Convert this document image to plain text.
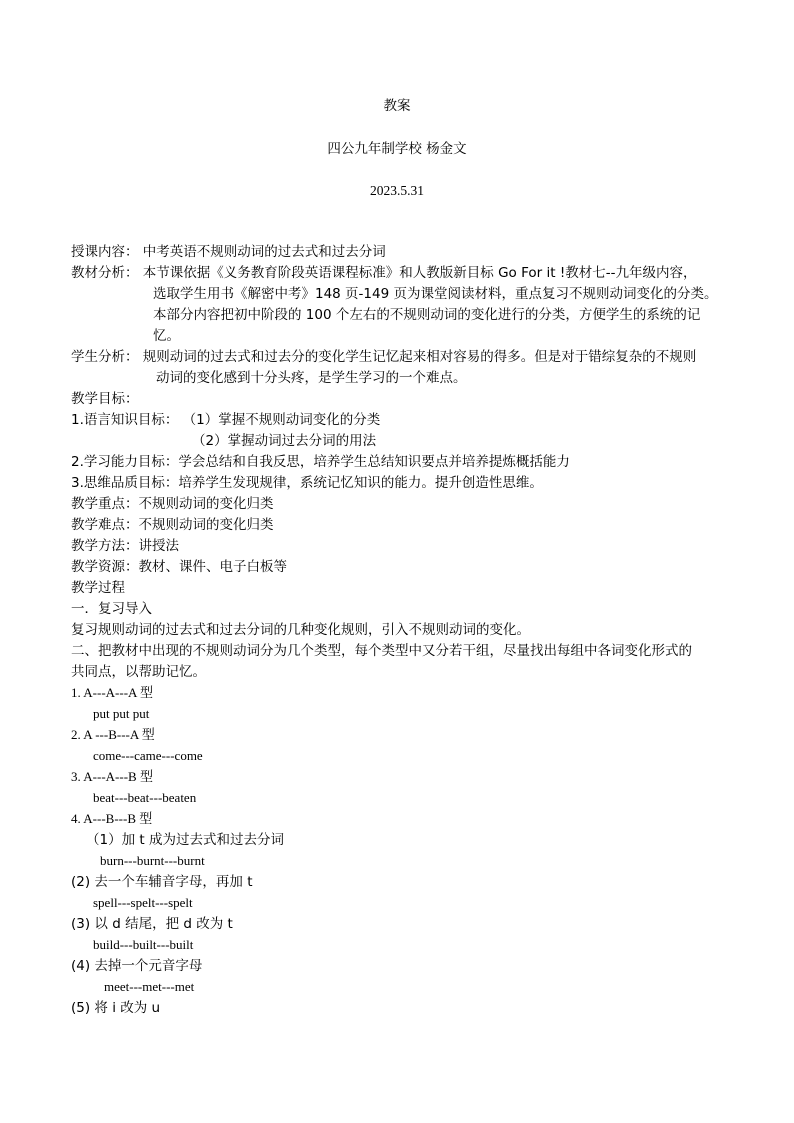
教案
四公九年制学校 杨金文
2023.5.31
授课内容： 中考英语不规则动词的过去式和过去分词
教材分析： 本节课依据《义务教育阶段英语课程标准》和人教版新目标 Go For it !教材七--九年级内容，
选取学生用书《解密中考》148 页-149 页为课堂阅读材料，重点复习不规则动词变化的分类。
本部分内容把初中阶段的 100 个左右的不规则动词的变化进行的分类，方便学生的系统的记
忆。
学生分析： 规则动词的过去式和过去分的变化学生记忆起来相对容易的得多。但是对于错综复杂的不规则
动词的变化感到十分头疼，是学生学习的一个难点。
教学目标：
1.语言知识目标： （1）掌握不规则动词变化的分类
（2）掌握动词过去分词的用法
2.学习能力目标：学会总结和自我反思，培养学生总结知识要点并培养提炼概括能力
3.思维品质目标：培养学生发现规律，系统记忆知识的能力。提升创造性思维。
教学重点：不规则动词的变化归类
教学难点：不规则动词的变化归类
教学方法：讲授法
教学资源：教材、课件、电子白板等
教学过程
一．复习导入
复习规则动词的过去式和过去分词的几种变化规则，引入不规则动词的变化。
二、把教材中出现的不规则动词分为几个类型，每个类型中又分若干组，尽量找出每组中各词变化形式的
共同点，以帮助记忆。
1. A---A---A 型
put put put
2. A ---B---A 型
come---came---come
3. A---A---B 型
beat---beat---beaten
4. A---B---B 型
（1）加 t 成为过去式和过去分词
burn---burnt---burnt
(2) 去一个车辅音字母，再加 t
spell---spelt---spelt
(3) 以 d 结尾，把 d 改为 t
build---built---built
(4) 去掉一个元音字母
meet---met---met
(5) 将 i 改为 u
